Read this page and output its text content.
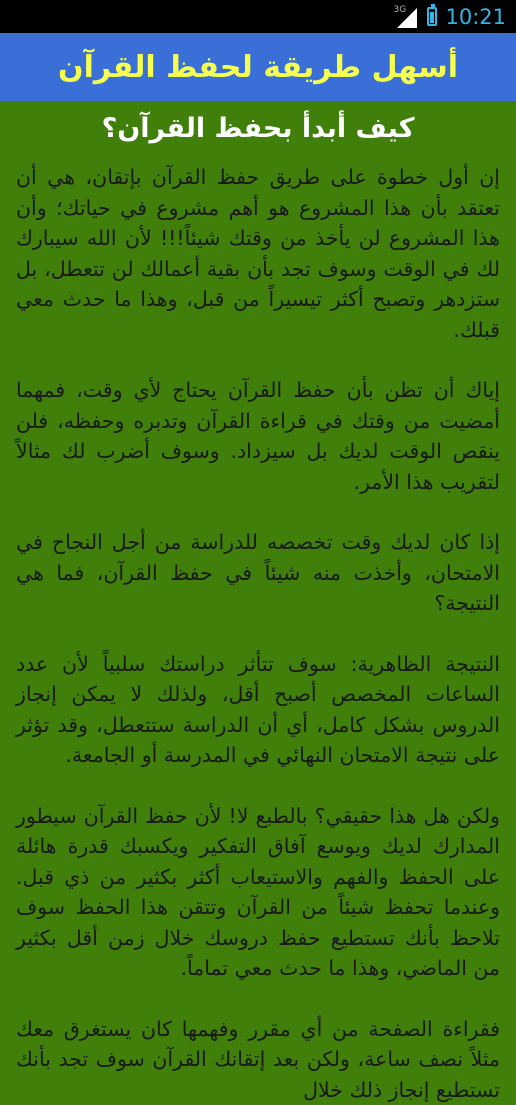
3G 10:21
أسهل طريقة لحفظ القرآن
كيف أبدأ بحفظ القرآن؟

إن أول خطوة على طريق حفظ القرآن بإتقان، هي أن تعتقد بأن هذا المشروع هو أهم مشروع في حياتك؛ وأن هذا المشروع لن يأخذ من وقتك شيئاً!!! لأن الله سيبارك لك في الوقت وسوف تجد بأن بقية أعمالك لن تتعطل، بل ستزدهر وتصبح أكثر تيسيراً من قبل، وهذا ما حدث معي قبلك.

إياك أن تظن بأن حفظ القرآن يحتاج لأي وقت، فمهما أمضيت من وقتك في قراءة القرآن وتدبره وحفظه، فلن ينقص الوقت لديك بل سيزداد. وسوف أضرب لك مثالاً لتقريب هذا الأمر.

إذا كان لديك وقت تخصصه للدراسة من أجل النجاح في الامتحان، وأخذت منه شيئاً في حفظ القرآن، فما هي النتيجة؟

النتيجة الظاهرية: سوف تتأثر دراستك سلبياً لأن عدد الساعات المخصص أصبح أقل، ولذلك لا يمكن إنجاز الدروس بشكل كامل، أي أن الدراسة ستتعطل، وقد تؤثر على نتيجة الامتحان النهائي في المدرسة أو الجامعة.

ولكن هل هذا حقيقي؟ بالطبع لا! لأن حفظ القرآن سيطور المدارك لديك ويوسع آفاق التفكير ويكسبك قدرة هائلة على الحفظ والفهم والاستيعاب أكثر بكثير من ذي قبل. وعندما تحفظ شيئاً من القرآن وتتقن هذا الحفظ سوف تلاحظ بأنك تستطيع حفظ دروسك خلال زمن أقل بكثير من الماضي، وهذا ما حدث معي تماماً.

فقراءة الصفحة من أي مقرر وفهمها كان يستغرق معك مثلاً نصف ساعة، ولكن بعد إتقانك القرآن سوف تجد بأنك تستطيع إنجاز ذلك خلال
